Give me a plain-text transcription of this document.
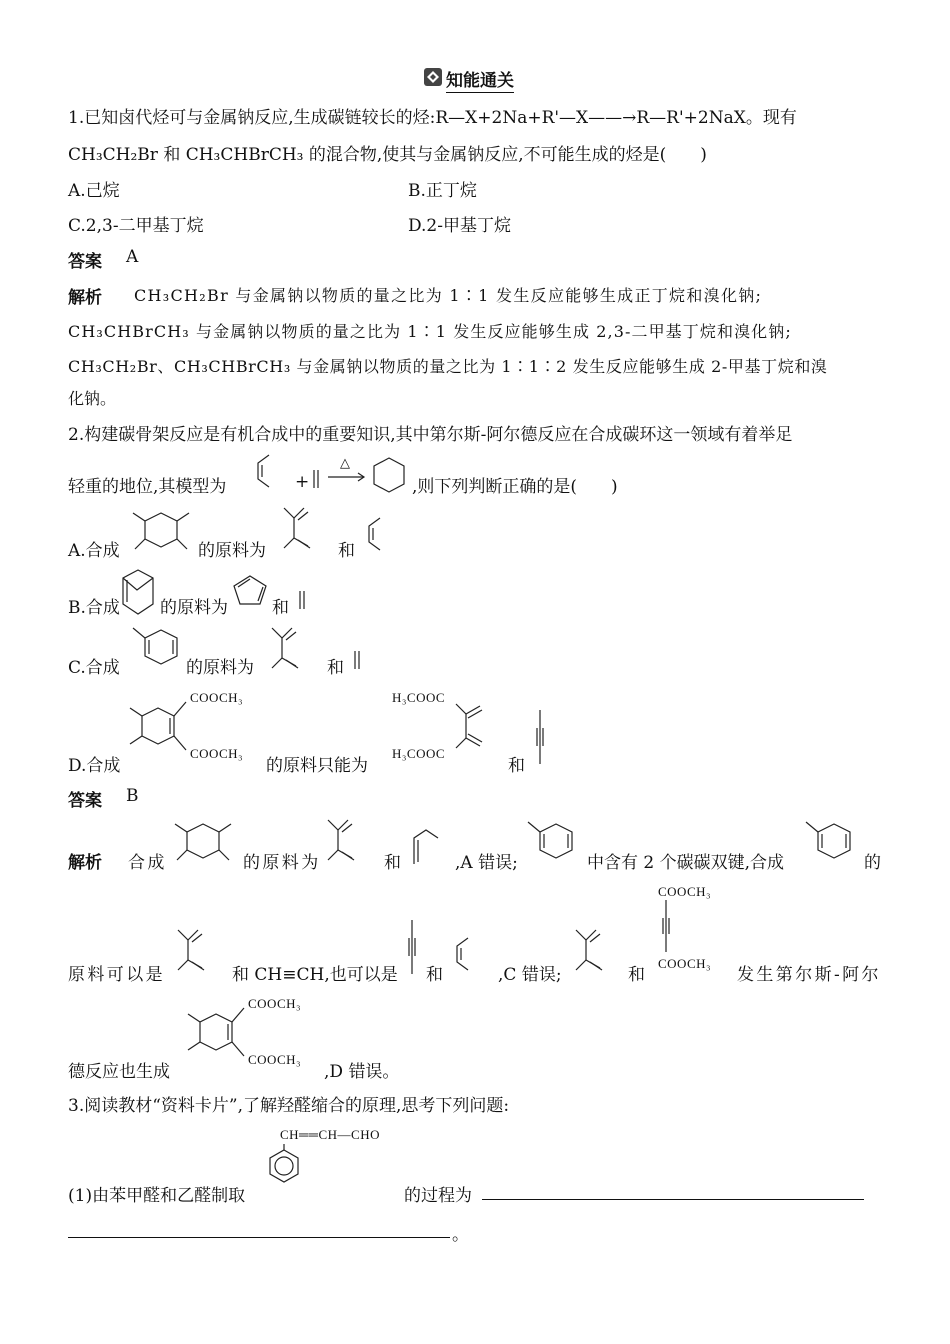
知能通关
1.已知卤代烃可与金属钠反应,生成碳链较长的烃:R—X+2Na+R'—X——→R—R'+2NaX。现有
CH₃CH₂Br 和 CH₃CHBrCH₃ 的混合物,使其与金属钠反应,不可能生成的烃是(　　)
A.己烷	B.正丁烷
C.2,3-二甲基丁烷	D.2-甲基丁烷
答案 A
解析 CH₃CH₂Br 与金属钠以物质的量之比为 1∶1 发生反应能够生成正丁烷和溴化钠;
CH₃CHBrCH₃ 与金属钠以物质的量之比为 1∶1 发生反应能够生成 2,3-二甲基丁烷和溴化钠;
CH₃CH₂Br、CH₃CHBrCH₃ 与金属钠以物质的量之比为 1∶1∶2 发生反应能够生成 2-甲基丁烷和溴
化钠。
2.构建碳骨架反应是有机合成中的重要知识,其中第尔斯-阿尔德反应在合成碳环这一领域有着举足
轻重的地位,其模型为	+
△
,则下列判断正确的是(　　)
A.合成	的原料为	和
B.合成 的原料为	和
C.合成	的原料为	和
COOCH₃
COOCH₃
D.合成	的原料只能为
H₃COOC
H₃COOC
和
答案 B
解析 合成	的原料为	和	,A 错误;	中含有 2 个碳碳双键,合成	的
原料可以是	和 CH≡CH,也可以是 和	,C 错误;	和
COOCH₃
COOCH₃
发生第尔斯-阿尔
COOCH₃
COOCH₃
德反应也生成	,D 错误。
3.阅读教材“资料卡片”,了解羟醛缩合的原理,思考下列问题:
CH══CH—CHO
(1)由苯甲醛和乙醛制取	的过程为
。
